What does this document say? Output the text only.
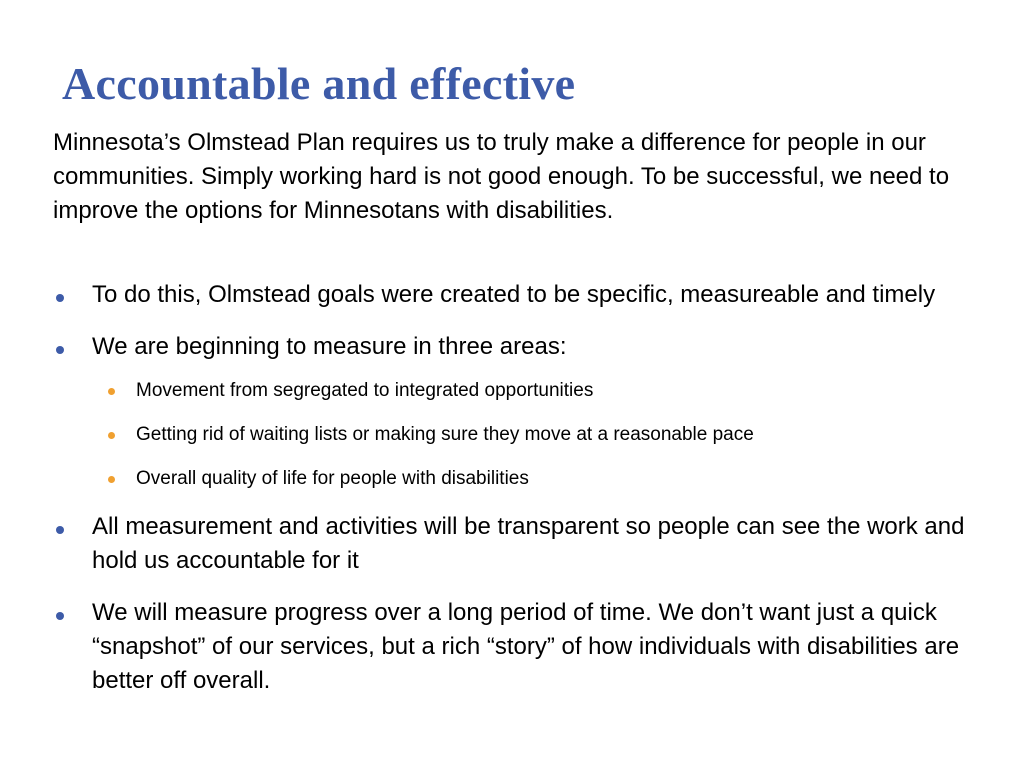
Accountable and effective

Minnesota’s Olmstead Plan requires us to truly make a difference for people in our communities. Simply working hard is not good enough. To be successful, we need to improve the options for Minnesotans with disabilities.

To do this, Olmstead goals were created to be specific, measureable and timely
We are beginning to measure in three areas:
Movement from segregated to integrated opportunities
Getting rid of waiting lists or making sure they move at a reasonable pace
Overall quality of life for people with disabilities
All measurement and activities will be transparent so people can see the work and hold us accountable for it
We will measure progress over a long period of time. We don’t want just a quick “snapshot” of our services, but a rich “story” of how individuals with disabilities are better off overall.
